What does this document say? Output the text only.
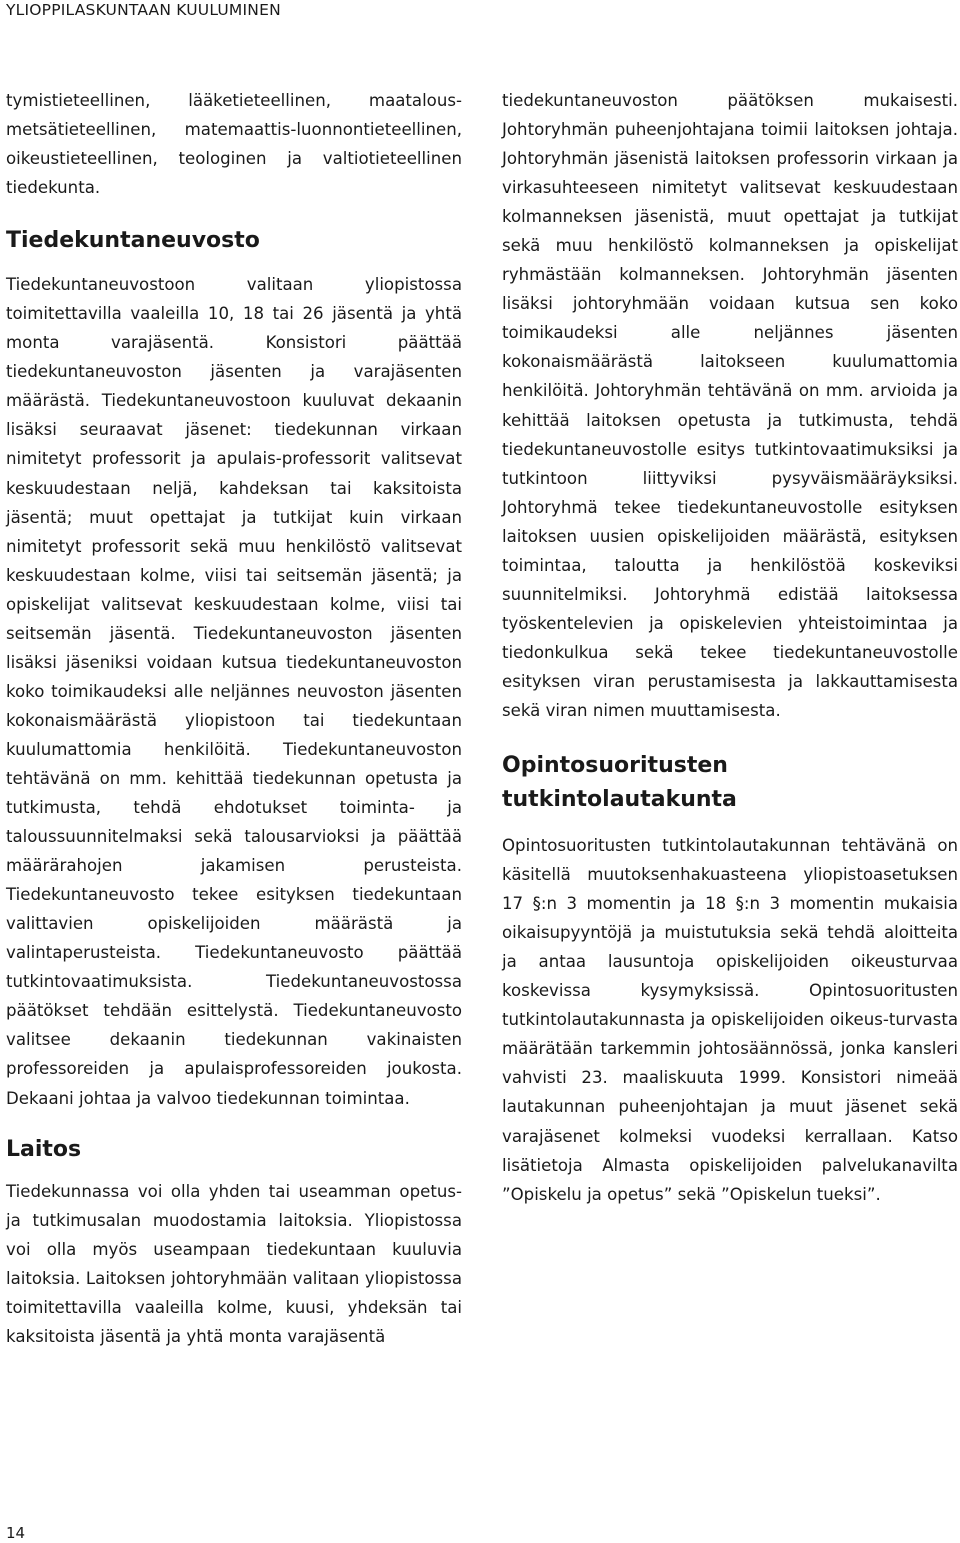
YLIOPPILASKUNTAAN KUULUMINEN

tymistieteellinen, lääketieteellinen, maatalous-metsätieteellinen, matemaattis-luonnontieteellinen, oikeustieteellinen, teologinen ja valtiotieteellinen tiedekunta.

Tiedekuntaneuvosto

Tiedekuntaneuvostoon valitaan yliopistossa toimitettavilla vaaleilla 10, 18 tai 26 jäsentä ja yhtä monta varajäsentä. Konsistori päättää tiedekuntaneuvoston jäsenten ja varajäsenten määrästä. Tiedekuntaneuvostoon kuuluvat dekaanin lisäksi seuraavat jäsenet: tiedekunnan virkaan nimitetyt professorit ja apulais-professorit valitsevat keskuudestaan neljä, kahdeksan tai kaksitoista jäsentä; muut opettajat ja tutkijat kuin virkaan nimitetyt professorit sekä muu henkilöstö valitsevat keskuudestaan kolme, viisi tai seitsemän jäsentä; ja opiskelijat valitsevat keskuudestaan kolme, viisi tai seitsemän jäsentä. Tiedekuntaneuvoston jäsenten lisäksi jäseniksi voidaan kutsua tiedekuntaneuvoston koko toimikaudeksi alle neljännes neuvoston jäsenten kokonaismäärästä yliopistoon tai tiedekuntaan kuulumattomia henkilöitä. Tiedekuntaneuvoston tehtävänä on mm. kehittää tiedekunnan opetusta ja tutkimusta, tehdä ehdotukset toiminta- ja taloussuunnitelmaksi sekä talousarvioksi ja päättää määrärahojen jakamisen perusteista. Tiedekuntaneuvosto tekee esityksen tiedekuntaan valittavien opiskelijoiden määrästä ja valintaperusteista. Tiedekuntaneuvosto päättää tutkintovaatimuksista. Tiedekuntaneuvostossa päätökset tehdään esittelystä. Tiedekuntaneuvosto valitsee dekaanin tiedekunnan vakinaisten professoreiden ja apulaisprofessoreiden joukosta. Dekaani johtaa ja valvoo tiedekunnan toimintaa.

Laitos

Tiedekunnassa voi olla yhden tai useamman opetus- ja tutkimusalan muodostamia laitoksia. Yliopistossa voi olla myös useampaan tiedekuntaan kuuluvia laitoksia. Laitoksen johtoryhmään valitaan yliopistossa toimitettavilla vaaleilla kolme, kuusi, yhdeksän tai kaksitoista jäsentä ja yhtä monta varajäsentä

tiedekuntaneuvoston päätöksen mukaisesti. Johtoryhmän puheenjohtajana toimii laitoksen johtaja. Johtoryhmän jäsenistä laitoksen professorin virkaan ja virkasuhteeseen nimitetyt valitsevat keskuudestaan kolmanneksen jäsenistä, muut opettajat ja tutkijat sekä muu henkilöstö kolmanneksen ja opiskelijat ryhmästään kolmanneksen. Johtoryhmän jäsenten lisäksi johtoryhmään voidaan kutsua sen koko toimikaudeksi alle neljännes jäsenten kokonaismäärästä laitokseen kuulumattomia henkilöitä. Johtoryhmän tehtävänä on mm. arvioida ja kehittää laitoksen opetusta ja tutkimusta, tehdä tiedekuntaneuvostolle esitys tutkintovaatimuksiksi ja tutkintoon liittyviksi pysyväismääräyksiksi. Johtoryhmä tekee tiedekuntaneuvostolle esityksen laitoksen uusien opiskelijoiden määrästä, esityksen toimintaa, taloutta ja henkilöstöä koskeviksi suunnitelmiksi. Johtoryhmä edistää laitoksessa työskentelevien ja opiskelevien yhteistoimintaa ja tiedonkulkua sekä tekee tiedekuntaneuvostolle esityksen viran perustamisesta ja lakkauttamisesta sekä viran nimen muuttamisesta.

Opintosuoritusten
tutkintolautakunta

Opintosuoritusten tutkintolautakunnan tehtävänä on käsitellä muutoksenhakuasteena yliopistoasetuksen 17 §:n 3 momentin ja 18 §:n 3 momentin mukaisia oikaisupyyntöjä ja muistutuksia sekä tehdä aloitteita ja antaa lausuntoja opiskelijoiden oikeusturvaa koskevissa kysymyksissä. Opintosuoritusten tutkintolautakunnasta ja opiskelijoiden oikeus-turvasta määrätään tarkemmin johtosäännössä, jonka kansleri vahvisti 23. maaliskuuta 1999. Konsistori nimeää lautakunnan puheenjohtajan ja muut jäsenet sekä varajäsenet kolmeksi vuodeksi kerrallaan. Katso lisätietoja Almasta opiskelijoiden palvelukanavilta ”Opiskelu ja opetus” sekä ”Opiskelun tueksi”.

14
